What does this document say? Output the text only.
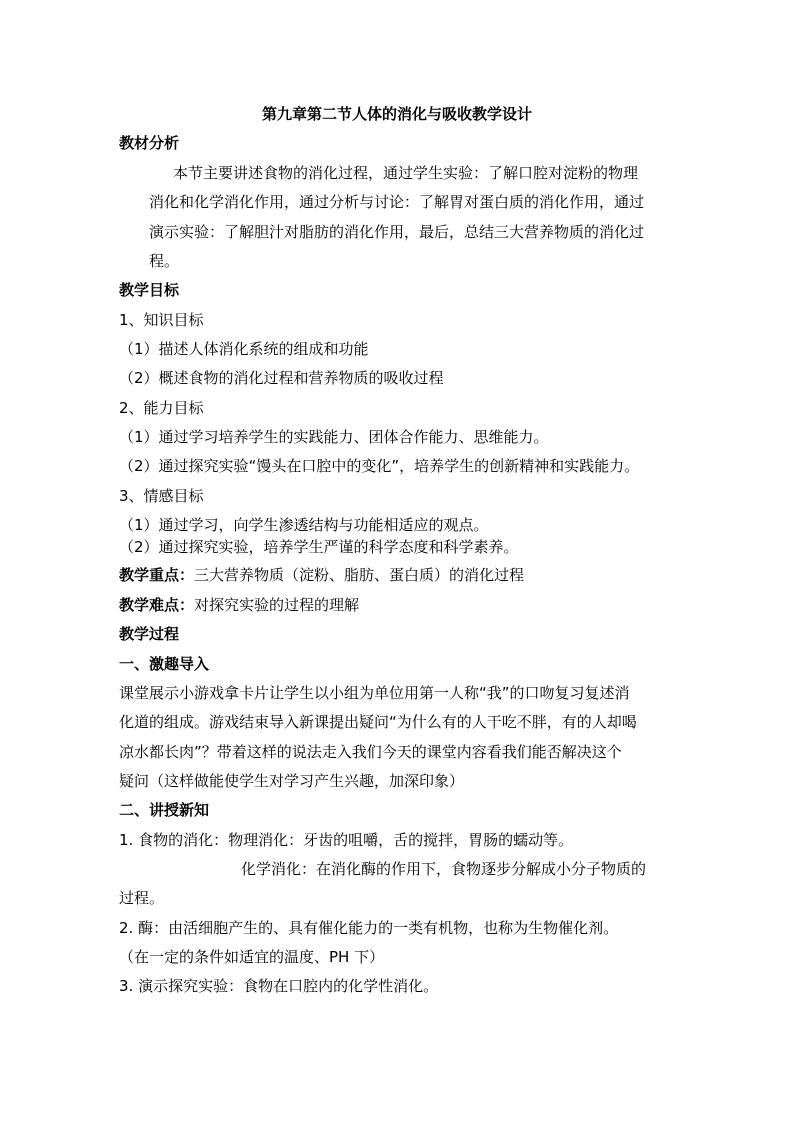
第九章第二节人体的消化与吸收教学设计

教材分析

本节主要讲述食物的消化过程，通过学生实验：了解口腔对淀粉的物理

消化和化学消化作用，通过分析与讨论：了解胃对蛋白质的消化作用，通过

演示实验：了解胆汁对脂肪的消化作用，最后，总结三大营养物质的消化过

程。

教学目标

1、知识目标

（1）描述人体消化系统的组成和功能

（2）概述食物的消化过程和营养物质的吸收过程

2、能力目标

（1）通过学习培养学生的实践能力、团体合作能力、思维能力。

（2）通过探究实验“馒头在口腔中的变化”，培养学生的创新精神和实践能力。

3、情感目标

（1）通过学习，向学生渗透结构与功能相适应的观点。

（2）通过探究实验，培养学生严谨的科学态度和科学素养。

教学重点：三大营养物质（淀粉、脂肪、蛋白质）的消化过程

教学难点：对探究实验的过程的理解

教学过程

一、激趣导入

课堂展示小游戏拿卡片让学生以小组为单位用第一人称“我”的口吻复习复述消

化道的组成。游戏结束导入新课提出疑问“为什么有的人干吃不胖，有的人却喝

凉水都长肉”？带着这样的说法走入我们今天的课堂内容看我们能否解决这个

疑问（这样做能使学生对学习产生兴趣，加深印象）

二、讲授新知

1. 食物的消化：物理消化：牙齿的咀嚼，舌的搅拌，胃肠的蠕动等。

化学消化：在消化酶的作用下，食物逐步分解成小分子物质的

过程。

2. 酶：由活细胞产生的、具有催化能力的一类有机物，也称为生物催化剂。

（在一定的条件如适宜的温度、PH 下）

3. 演示探究实验：食物在口腔内的化学性消化。
